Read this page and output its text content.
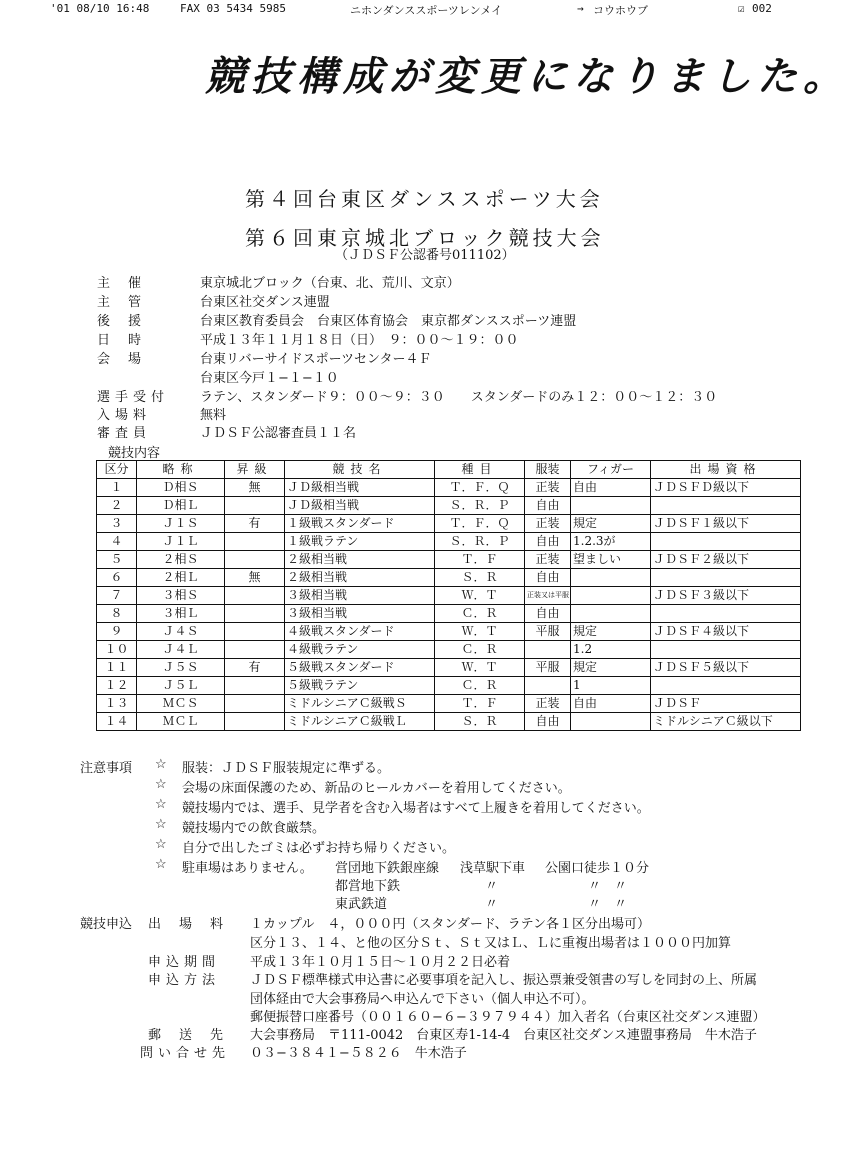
'01 08/10 16:48	FAX 03 5434 5985	ニホンダンススポーツレンメイ	→ コウホウブ	☑ 002
競技構成が変更になりました。
第４回台東区ダンススポーツ大会
第６回東京城北ブロック競技大会
（ＪＤＳＦ公認番号011102）
主催	東京城北ブロック（台東、北、荒川、文京）
主管	台東区社交ダンス連盟
後援	台東区教育委員会　台東区体育協会　東京都ダンススポーツ連盟
日時	平成１３年１１月１８日（日）　９：００〜１９：００
会場	台東リバーサイドスポーツセンター４Ｆ
台東区今戸１−１−１０
選手受付 ラテン、スタンダード９：００〜９：３０　　スタンダードのみ１２：００〜１２：３０
入場料	無料
審査員	ＪＤＳＦ公認審査員１１名
競技内容
区分	略称	昇級	競技名	種目	服装	フィガー	出場資格
１	Ｄ相Ｓ	無	ＪＤ級相当戦	Ｔ．Ｆ．Ｑ	正装	自由	ＪＤＳＦＤ級以下
２	Ｄ相Ｌ		ＪＤ級相当戦	Ｓ．Ｒ．Ｐ	自由		
３	Ｊ１Ｓ	有	１級戦スタンダード	Ｔ．Ｆ．Ｑ	正装	規定	ＪＤＳＦ１級以下
４	Ｊ１Ｌ		１級戦ラテン	Ｓ．Ｒ．Ｐ	自由	1.2.3が	
５	２相Ｓ		２級相当戦	Ｔ．Ｆ	正装	望ましい	ＪＤＳＦ２級以下
６	２相Ｌ	無	２級相当戦	Ｓ．Ｒ	自由		
７	３相Ｓ		３級相当戦	Ｗ．Ｔ	正装又は平服		ＪＤＳＦ３級以下
８	３相Ｌ		３級相当戦	Ｃ．Ｒ	自由		
９	Ｊ４Ｓ		４級戦スタンダード	Ｗ．Ｔ	平服	規定	ＪＤＳＦ４級以下
１０	Ｊ４Ｌ		４級戦ラテン	Ｃ．Ｒ		1.2	
１１	Ｊ５Ｓ	有	５級戦スタンダード	Ｗ．Ｔ	平服	規定	ＪＤＳＦ５級以下
１２	Ｊ５Ｌ		５級戦ラテン	Ｃ．Ｒ		1	
１３	ＭＣＳ		ミドルシニアＣ級戦Ｓ	Ｔ．Ｆ	正装	自由	ＪＤＳＦ
１４	ＭＣＬ		ミドルシニアＣ級戦Ｌ	Ｓ．Ｒ	自由		ミドルシニアＣ級以下
注意事項 ☆ 服装：ＪＤＳＦ服装規定に準ずる。
☆ 会場の床面保護のため、新品のヒールカバーを着用してください。
☆ 競技場内では、選手、見学者を含む入場者はすべて上履きを着用してください。
☆ 競技場内での飲食厳禁。
☆ 自分で出したゴミは必ずお持ち帰りください。
☆ 駐車場はありません。 営団地下鉄銀座線 浅草駅下車 公園口徒歩１０分
都営地下鉄	〃	〃　〃
東武鉄道	〃	〃　〃
競技申込 出場料 １カップル　４，０００円（スタンダード、ラテン各１区分出場可）
区分１３、１４、と他の区分Ｓｔ、Ｓｔ又はＬ、Ｌに重複出場者は１０００円加算
申込期間 平成１３年１０月１５日〜１０月２２日必着
申込方法 ＪＤＳＦ標準様式申込書に必要事項を記入し、振込票兼受領書の写しを同封の上、所属
団体経由で大会事務局へ申込んで下さい（個人申込不可）。
郵便振替口座番号（００１６０−６−３９７９４４）加入者名（台東区社交ダンス連盟）
郵送先 大会事務局　〒111-0042　台東区寿1-14-4　台東区社交ダンス連盟事務局　牛木浩子
問い合せ先 ０３−３８４１−５８２６　牛木浩子
